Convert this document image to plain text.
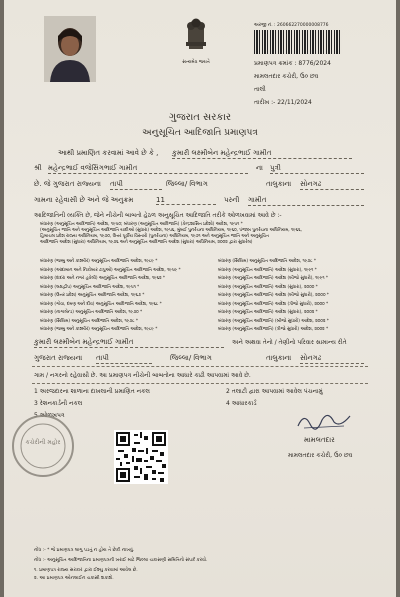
સત્યમેવ જયતે
અરજી નં. : 260662270000008776
પ્રમાણપત્ર ક્રમાંક : 8776/2024
મામલતદાર કચેરી, ઉ૦ છવ
તાલી
તારીખ :- 22/11/2024
ગુજરાત સરકાર
અનુસૂચિત આદિજાતિ પ્રમાણપત્ર
આથી પ્રમાણિત કરવામાં આવે છે કે , કુમારી લક્ષ્મીબેન મહેન્દ્રભાઈ ગામીત
શ્રી મહેન્દ્રભાઈ વજેસિંગભાઈ ગામીત	ના પુત્રી
છે. જે ગુજરાત રાજ્યના તાપી	જિલ્લા/ વિભાગ	તાલુકાના સોનગઢ
ગામના રહેવાસી છે અને જે અનુક્રમ	11	પરની ગામીત
આદિજાતિની વ્યક્તિ છે, જેને નીચેની બાબતો હેઠળ અનુસૂચિત આદિજાતિ તરીકે ઓળખવામાં આવે છે :-
બંધારણ (અનુસૂચિત આદિજાતિ) આદેશ, ૧૯૫૦; બંધારણ (અનુસૂચિત આદિજાતિ) (કેન્દ્રશાસિત પ્રદેશો) આદેશ, ૧૯૫૧ *
(અનુસૂચિત જાતિ અને અનુસૂચિત આદિજાતિ યાદીઓ (સુધારા) આદેશ, ૧૯૫૬, મુંબઈ પુનર્રચના અધિનિયમ, ૧૯૬૦, પંજાબ પુનર્રચના અધિનિયમ, ૧૯૬૬,
હિમાચલ પ્રદેશ રાજ્ય અધિનિયમ, ૧૯૭૦, ઉત્તર પૂર્વીય વિસ્તારો (પુનર્રચના) અધિનિયમ, ૧૯૭૧ અને અનુસૂચિત જાતિ અને અનુસૂચિત
આદિજાતિ આદેશ (સુધારા) અધિનિયમ, ૧૯૭૬ અને અનુસૂચિત આદિજાતિ આદેશ (સુધારા) અધિનિયમ, ૨૦૦૨ દ્વારા સુધારેલ)
બંધારણ (જમ્મુ અને કાશ્મીર) અનુસૂચિત આદિજાતિ આદેશ, ૧૯૮૯ *
બંધારણ (આંદામાન અને નિકોબાર ટાપુઓ) અનુસૂચિત આદિજાતિ આદેશ, ૧૯૫૯ *
બંધારણ (દાદરા અને નગર હવેલી) અનુસૂચિત આદિજાતિ આદેશ, ૧૯૬૨ *
બંધારણ (લક્ષદ્વીપ) અનુસૂચિત આદિજાતિ આદેશ, ૧૯૫૧ *
બંધારણ (ઉત્તર પ્રદેશ) અનુસૂચિત આદિજાતિ આદેશ, ૧૯૬૭ *
બંધારણ (ગોવા, દમણ અને દીવ) અનુસૂચિત આદિજાતિ આદેશ, ૧૯૬૮ *
બંધારણ (નાગાલેન્ડ) અનુસૂચિત આદિજાતિ આદેશ, ૧૯૭૦ *
બંધારણ (સિક્કિમ) અનુસૂચિત આદિજાતિ આદેશ, ૧૯૭૮ *
બંધારણ (જમ્મુ અને કાશ્મીર) અનુસૂચિત આદિજાતિ આદેશ, ૧૯૮૯ *
બંધારણ (સિક્કિમ) અનુસૂચિત આદિજાતિ આદેશ, ૧૯૭૮ *
બંધારણ (અનુસૂચિત આદિજાતિ) આદેશ (સુધારા), ૧૯૯૧ *
બંધારણ (અનુસૂચિત આદિજાતિ) આદેશ (બીજો સુધારો), ૧૯૯૧ *
બંધારણ (અનુસૂચિત આદિજાતિ) આદેશ (સુધારા), ૨૦૦૦ *
બંધારણ (અનુસૂચિત આદિજાતિ) આદેશ (બીજો સુધારો), ૨૦૦૦ *
બંધારણ (અનુસૂચિત આદિજાતિ) આદેશ (ત્રીજો સુધારો), ૨૦૦૦ *
બંધારણ (અનુસૂચિત આદિજાતિ) આદેશ (સુધારા), ૨૦૦૨ *
બંધારણ (અનુસૂચિત આદિજાતિ) (બીજો સુધારો) આદેશ, ૨૦૦૨ *
બંધારણ (અનુસૂચિત આદિજાતિ) (ત્રીજો સુધારો) આદેશ, ૨૦૦૨ *
કુમારી લક્ષ્મીબેન મહેન્દ્રભાઈ ગામીત	અને અથવા તેનો / તેણીનો પરિવાર સામાન્ય રીતે
ગુજરાત રાજ્યના તાપી	જિલ્લા/ વિભાગ	તાલુકાના સોનગઢ
ગામ / નગરનો રહેવાસી છે. આ પ્રમાણપત્ર નીચેની બાબતોના આધારે કાઢી આપવામાં આવે છે.
1 અરજદારના શાળાના દાખલાની પ્રમાણિત નકલ	2 તલાટી દ્વારા આપવામાં આવેલ પંચનામું
3 રેશનકાર્ડની નકલ	4 આધારકાર્ડ
5 ઓળખપત્ર
કચેરીની મહોર	મામલતદાર
મામલતદાર કચેરી, ઉ૦ છવ
નોંધ :- * જે પ્રમાણપત્ર લાગુ પડતું ન હોય તે છેકી નાખવું.
નોંધ :- અનુસૂચિત આદિજાતિના પ્રમાણપત્રની ખરાઈ માટે જિલ્લા ચકાસણી સમિતિનો સંપર્ક કરવો.
૧. પ્રમાણપત્ર રાજ્ય સરકાર દ્વારા ઈશ્યુ કરવામાં આવેલ છે.
૨. આ પ્રમાણપત્ર ઓનલાઈન ચકાસી શકાશે.
